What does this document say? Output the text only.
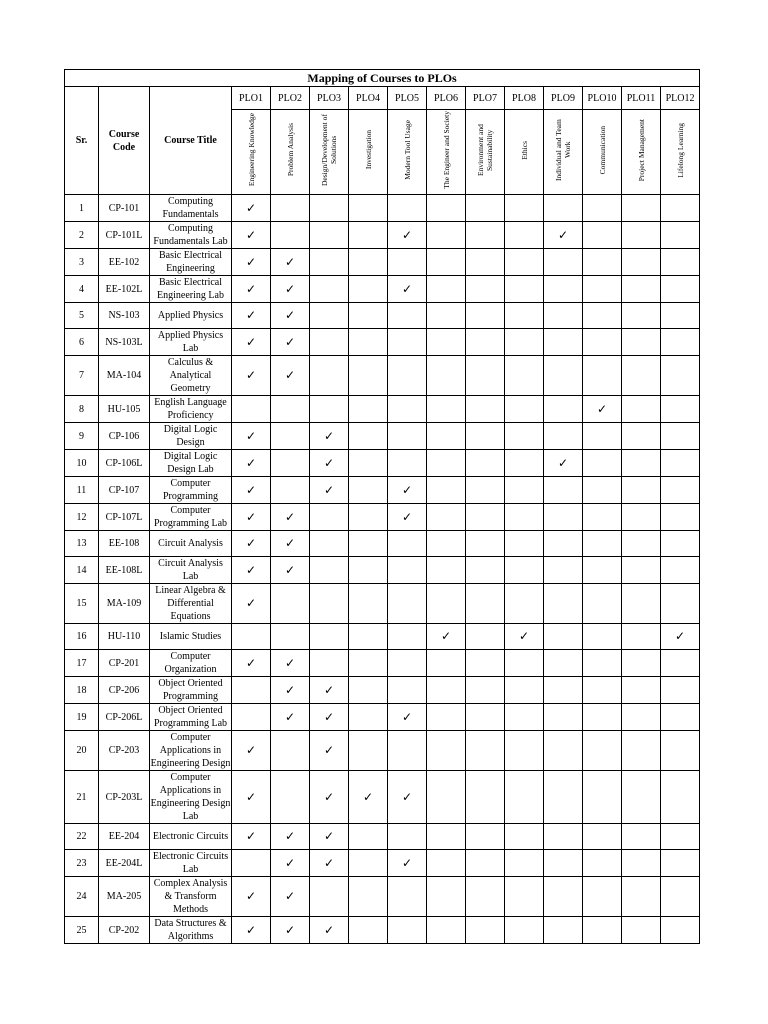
Mapping of Courses to PLOs														
Sr.	Course Code	Course Title	PLO1	PLO2	PLO3	PLO4	PLO5	PLO6	PLO7	PLO8	PLO9	PLO10	PLO11	PLO12
			Engineering Knowledge	Problem Analysis	Design/Development of Solutions	Investigation	Modern Tool Usage	The Engineer and Society	Environment and Sustainability	Ethics	Individual and Team Work	Communication	Project Management	Lifelong Learning
1	CP-101	Computing Fundamentals	✓											
2	CP-101L	Computing Fundamentals Lab	✓				✓				✓			
3	EE-102	Basic Electrical Engineering	✓	✓										
4	EE-102L	Basic Electrical Engineering Lab	✓	✓			✓							
5	NS-103	Applied Physics	✓	✓										
6	NS-103L	Applied Physics Lab	✓	✓										
7	MA-104	Calculus & Analytical Geometry	✓	✓										
8	HU-105	English Language Proficiency										✓		
9	CP-106	Digital Logic Design	✓		✓									
10	CP-106L	Digital Logic Design Lab	✓		✓						✓			
11	CP-107	Computer Programming	✓		✓		✓							
12	CP-107L	Computer Programming Lab	✓	✓			✓							
13	EE-108	Circuit Analysis	✓	✓										
14	EE-108L	Circuit Analysis Lab	✓	✓										
15	MA-109	Linear Algebra & Differential Equations	✓											
16	HU-110	Islamic Studies						✓		✓				✓
17	CP-201	Computer Organization	✓	✓										
18	CP-206	Object Oriented Programming		✓	✓									
19	CP-206L	Object Oriented Programming Lab		✓	✓		✓							
20	CP-203	Computer Applications in Engineering Design	✓		✓									
21	CP-203L	Computer Applications in Engineering Design Lab	✓		✓	✓	✓							
22	EE-204	Electronic Circuits	✓	✓	✓									
23	EE-204L	Electronic Circuits Lab		✓	✓		✓							
24	MA-205	Complex Analysis & Transform Methods	✓	✓										
25	CP-202	Data Structures & Algorithms	✓	✓	✓									
